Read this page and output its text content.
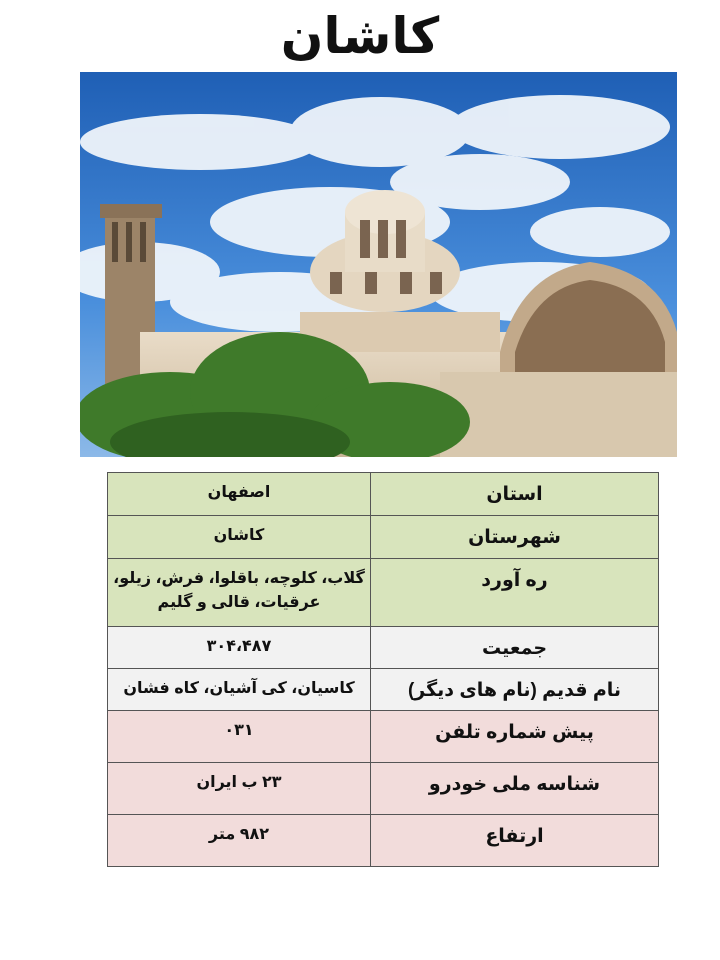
کاشان
استان	اصفهان
شهرستان	کاشان
ره آورد	گلاب، کلوچه، باقلوا، فرش، زیلو، عرقیات، قالی و گلیم
جمعیت	۳۰۴،۴۸۷
نام قدیم (نام های دیگر)	کاسیان، کی آشیان، کاه فشان
پیش شماره تلفن	۰۳۱
شناسه ملی خودرو	۲۳ ب ایران
ارتفاع	۹۸۲ متر
